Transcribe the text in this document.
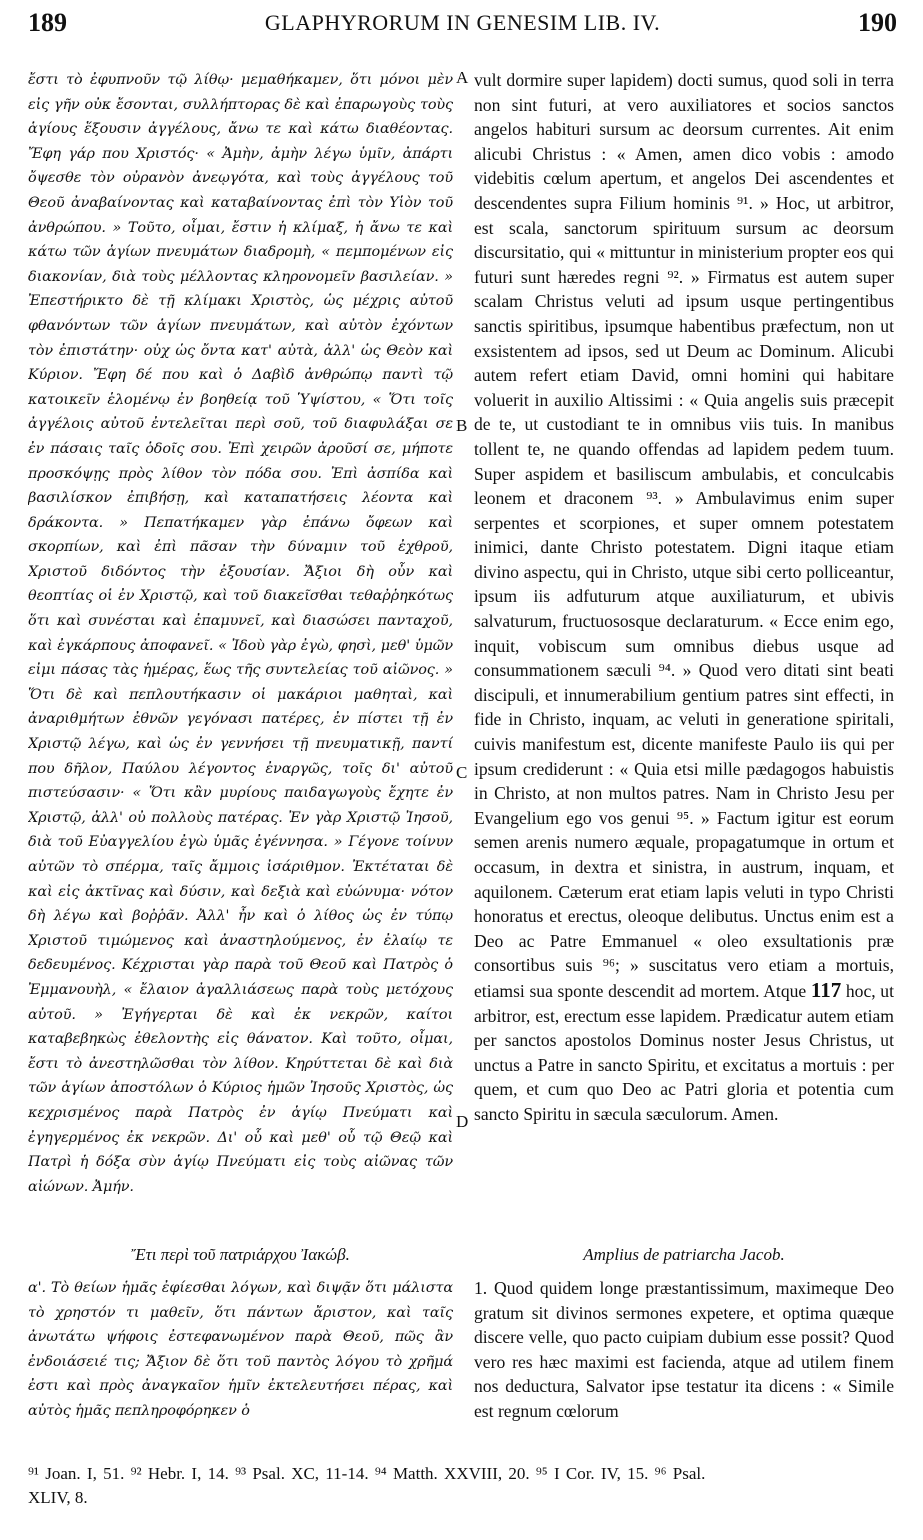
189	GLAPHYRORUM IN GENESIM LIB. IV.	190

ἔστι τὸ ἐφυπνοῦν τῷ λίθῳ· μεμαθήκαμεν, ὅτι μόνοι μὲν εἰς γῆν οὐκ ἔσονται, συλλήπτορας δὲ καὶ ἐπαρωγοὺς τοὺς ἁγίους ἕξουσιν ἀγγέλους, ἄνω τε καὶ κάτω διαθέοντας. Ἔφη γάρ που Χριστός· « Ἀμὴν, ἀμὴν λέγω ὑμῖν, ἀπάρτι ὄψεσθε τὸν οὐρανὸν ἀνεῳγότα, καὶ τοὺς ἀγγέλους τοῦ Θεοῦ ἀναβαίνοντας καὶ καταβαίνοντας ἐπὶ τὸν Υἱὸν τοῦ ἀνθρώπου. » Τοῦτο, οἶμαι, ἔστιν ἡ κλίμαξ, ἡ ἄνω τε καὶ κάτω τῶν ἁγίων πνευμάτων διαδρομὴ, « πεμπομένων εἰς διακονίαν, διὰ τοὺς μέλλοντας κληρονομεῖν βασιλείαν. » Ἐπεστήρικτο δὲ τῇ κλίμακι Χριστὸς, ὡς μέχρις αὐτοῦ φθανόντων τῶν ἁγίων πνευμάτων, καὶ αὐτὸν ἐχόντων τὸν ἐπιστάτην· οὐχ ὡς ὄντα κατ' αὐτὰ, ἀλλ' ὡς Θεὸν καὶ Κύριον. Ἔφη δέ που καὶ ὁ Δαβὶδ ἀνθρώπῳ παντὶ τῷ κατοικεῖν ἑλομένῳ ἐν βοηθείᾳ τοῦ Ὑψίστου, « Ὅτι τοῖς ἀγγέλοις αὐτοῦ ἐντελεῖται περὶ σοῦ, τοῦ διαφυλάξαι σε ἐν πάσαις ταῖς ὁδοῖς σου. Ἐπὶ χειρῶν ἀροῦσί σε, μήποτε προσκόψῃς πρὸς λίθον τὸν πόδα σου. Ἐπὶ ἀσπίδα καὶ βασιλίσκον ἐπιβήσῃ, καὶ καταπατήσεις λέοντα καὶ δράκοντα. » Πεπατήκαμεν γὰρ ἐπάνω ὄφεων καὶ σκορπίων, καὶ ἐπὶ πᾶσαν τὴν δύναμιν τοῦ ἐχθροῦ, Χριστοῦ διδόντος τὴν ἐξουσίαν. Ἄξιοι δὴ οὖν καὶ θεοπτίας οἱ ἐν Χριστῷ, καὶ τοῦ διακεῖσθαι τεθαῤῥηκότως ὅτι καὶ συνέσται καὶ ἐπαμυνεῖ, καὶ διασώσει πανταχοῦ, καὶ ἐγκάρπους ἀποφανεῖ. « Ἰδοὺ γὰρ ἐγὼ, φησὶ, μεθ' ὑμῶν εἰμι πάσας τὰς ἡμέρας, ἕως τῆς συντελείας τοῦ αἰῶνος. » Ὅτι δὲ καὶ πεπλουτήκασιν οἱ μακάριοι μαθηταὶ, καὶ ἀναριθμήτων ἐθνῶν γεγόνασι πατέρες, ἐν πίστει τῇ ἐν Χριστῷ λέγω, καὶ ὡς ἐν γεννήσει τῇ πνευματικῇ, παντί που δῆλον, Παύλου λέγοντος ἐναργῶς, τοῖς δι' αὐτοῦ πιστεύσασιν· « Ὅτι κἂν μυρίους παιδαγωγοὺς ἔχητε ἐν Χριστῷ, ἀλλ' οὐ πολλοὺς πατέρας. Ἐν γὰρ Χριστῷ Ἰησοῦ, διὰ τοῦ Εὐαγγελίου ἐγὼ ὑμᾶς ἐγέννησα. » Γέγονε τοίνυν αὐτῶν τὸ σπέρμα, ταῖς ἄμμοις ἰσάριθμον. Ἐκτέταται δὲ καὶ εἰς ἀκτῖνας καὶ δύσιν, καὶ δεξιὰ καὶ εὐώνυμα· νότον δὴ λέγω καὶ βοῤῥᾶν. Ἀλλ' ἦν καὶ ὁ λίθος ὡς ἐν τύπῳ Χριστοῦ τιμώμενος καὶ ἀναστηλούμενος, ἐν ἐλαίῳ τε δεδευμένος. Κέχρισται γὰρ παρὰ τοῦ Θεοῦ καὶ Πατρὸς ὁ Ἐμμανουὴλ, « ἔλαιον ἀγαλλιάσεως παρὰ τοὺς μετόχους αὐτοῦ. » Ἐγήγερται δὲ καὶ ἐκ νεκρῶν, καίτοι καταβεβηκὼς ἐθελοντὴς εἰς θάνατον. Καὶ τοῦτο, οἶμαι, ἔστι τὸ ἀνεστηλῶσθαι τὸν λίθον. Κηρύττεται δὲ καὶ διὰ τῶν ἁγίων ἀποστόλων ὁ Κύριος ἡμῶν Ἰησοῦς Χριστὸς, ὡς κεχρισμένος παρὰ Πατρὸς ἐν ἁγίῳ Πνεύματι καὶ ἐγηγερμένος ἐκ νεκρῶν. Δι' οὗ καὶ μεθ' οὗ τῷ Θεῷ καὶ Πατρὶ ἡ δόξα σὺν ἁγίῳ Πνεύματι εἰς τοὺς αἰῶνας τῶν αἰώνων. Ἀμήν.

A
B
C
D

vult dormire super lapidem) docti sumus, quod soli in terra non sint futuri, at vero auxiliatores et socios sanctos angelos habituri sursum ac deorsum currentes. Ait enim alicubi Christus : « Amen, amen dico vobis : amodo videbitis cœlum apertum, et angelos Dei ascendentes et descendentes supra Filium hominis ⁹¹. » Hoc, ut arbitror, est scala, sanctorum spirituum sursum ac deorsum discursitatio, qui « mittuntur in ministerium propter eos qui futuri sunt hæredes regni ⁹². » Firmatus est autem super scalam Christus veluti ad ipsum usque pertingentibus sanctis spiritibus, ipsumque habentibus præfectum, non ut exsistentem ad ipsos, sed ut Deum ac Dominum. Alicubi autem refert etiam David, omni homini qui habitare voluerit in auxilio Altissimi : « Quia angelis suis præcepit de te, ut custodiant te in omnibus viis tuis. In manibus tollent te, ne quando offendas ad lapidem pedem tuum. Super aspidem et basiliscum ambulabis, et conculcabis leonem et draconem ⁹³. » Ambulavimus enim super serpentes et scorpiones, et super omnem potestatem inimici, dante Christo potestatem. Digni itaque etiam divino aspectu, qui in Christo, utque sibi certo polliceantur, ipsum iis adfuturum atque auxiliaturum, et ubivis salvaturum, fructuososque declaraturum. « Ecce enim ego, inquit, vobiscum sum omnibus diebus usque ad consummationem sæculi ⁹⁴. » Quod vero ditati sint beati discipuli, et innumerabilium gentium patres sint effecti, in fide in Christo, inquam, ac veluti in generatione spiritali, cuivis manifestum est, dicente manifeste Paulo iis qui per ipsum crediderunt : « Quia etsi mille pædagogos habuistis in Christo, at non multos patres. Nam in Christo Jesu per Evangelium ego vos genui ⁹⁵. » Factum igitur est eorum semen arenis numero æquale, propagatumque in ortum et occasum, in dextra et sinistra, in austrum, inquam, et aquilonem. Cæterum erat etiam lapis veluti in typo Christi honoratus et erectus, oleoque delibutus. Unctus enim est a Deo ac Patre Emmanuel « oleo exsultationis præ consortibus suis ⁹⁶; » suscitatus vero etiam a mortuis, etiamsi sua sponte descendit ad mortem. Atque 117 hoc, ut arbitror, est, erectum esse lapidem. Prædicatur autem etiam per sanctos apostolos Dominus noster Jesus Christus, ut unctus a Patre in sancto Spiritu, et excitatus a mortuis : per quem, et cum quo Deo ac Patri gloria et potentia cum sancto Spiritu in sæcula sæculorum. Amen.

Ἔτι περὶ τοῦ πατριάρχου Ἰακώβ.	Amplius de patriarcha Jacob.

α'. Τὸ θείων ἡμᾶς ἐφίεσθαι λόγων, καὶ διψᾷν ὅτι μάλιστα τὸ χρηστόν τι μαθεῖν, ὅτι πάντων ἄριστον, καὶ ταῖς ἀνωτάτω ψήφοις ἐστεφανωμένον παρὰ Θεοῦ, πῶς ἂν ἐνδοιάσειέ τις; Ἄξιον δὲ ὅτι τοῦ παντὸς λόγου τὸ χρῆμά ἐστι καὶ πρὸς ἀναγκαῖον ἡμῖν ἐκτελευτήσει πέρας, καὶ αὐτὸς ἡμᾶς πεπληροφόρηκεν ὁ

1. Quod quidem longe præstantissimum, maximeque Deo gratum sit divinos sermones expetere, et optima quæque discere velle, quo pacto cuipiam dubium esse possit? Quod vero res hæc maximi est facienda, atque ad utilem finem nos deductura, Salvator ipse testatur ita dicens : « Simile est regnum cœlorum

⁹¹ Joan. I, 51. ⁹² Hebr. I, 14. ⁹³ Psal. XC, 11-14. ⁹⁴ Matth. XXVIII, 20. ⁹⁵ I Cor. IV, 15. ⁹⁶ Psal.
XLIV, 8.
